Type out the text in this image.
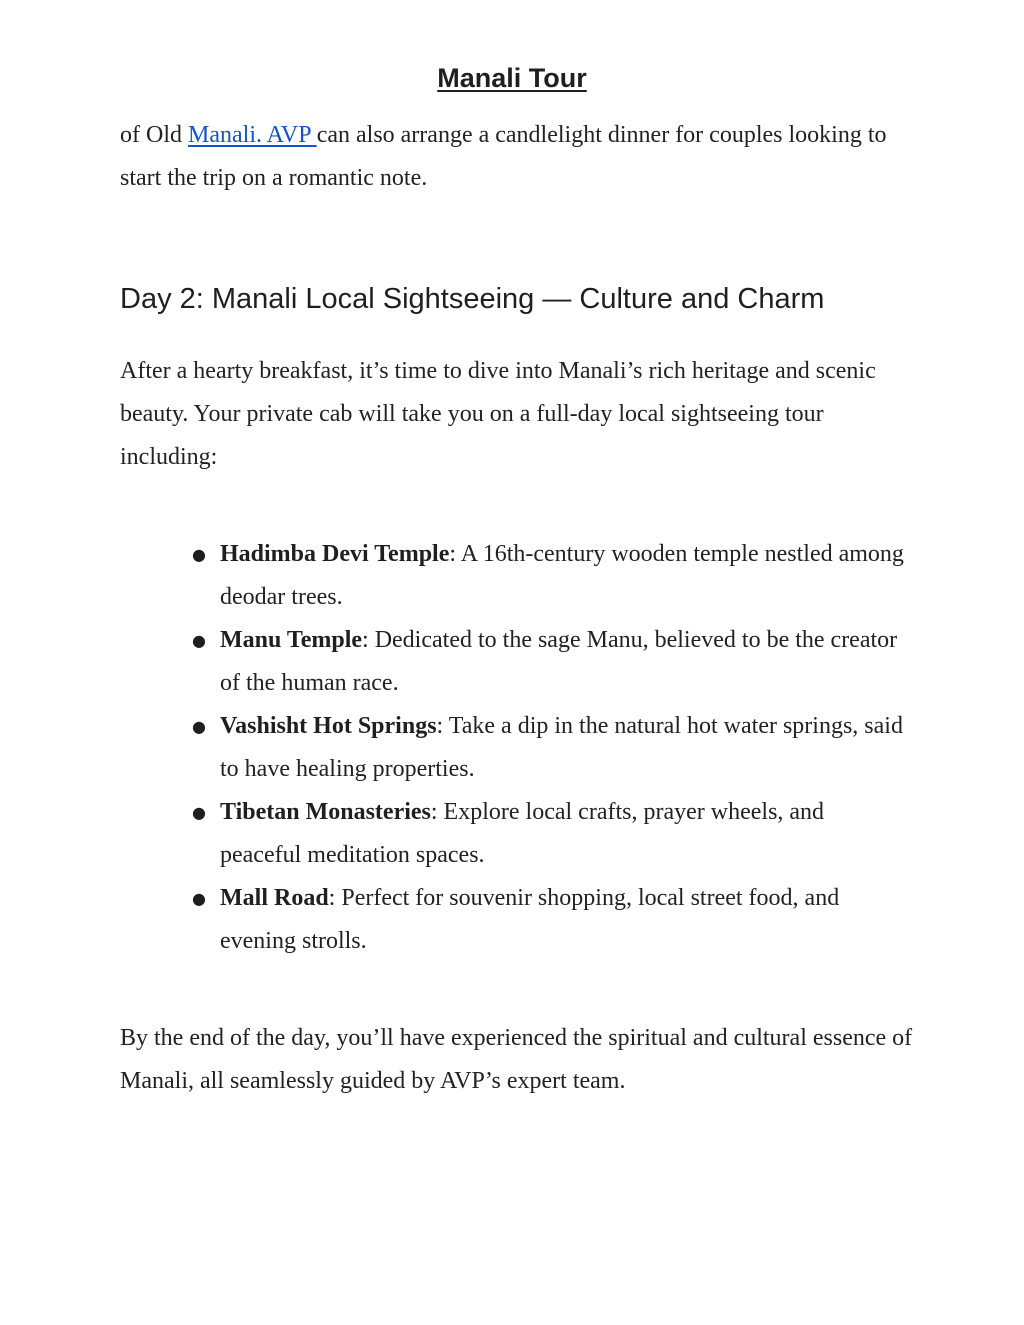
Manali Tour

of Old Manali. AVP can also arrange a candlelight dinner for couples looking to start the trip on a romantic note.

Day 2: Manali Local Sightseeing — Culture and Charm

After a hearty breakfast, it’s time to dive into Manali’s rich heritage and scenic beauty. Your private cab will take you on a full-day local sightseeing tour including:

● Hadimba Devi Temple: A 16th-century wooden temple nestled among deodar trees.
● Manu Temple: Dedicated to the sage Manu, believed to be the creator of the human race.
● Vashisht Hot Springs: Take a dip in the natural hot water springs, said to have healing properties.
● Tibetan Monasteries: Explore local crafts, prayer wheels, and peaceful meditation spaces.
● Mall Road: Perfect for souvenir shopping, local street food, and evening strolls.

By the end of the day, you’ll have experienced the spiritual and cultural essence of Manali, all seamlessly guided by AVP’s expert team.
